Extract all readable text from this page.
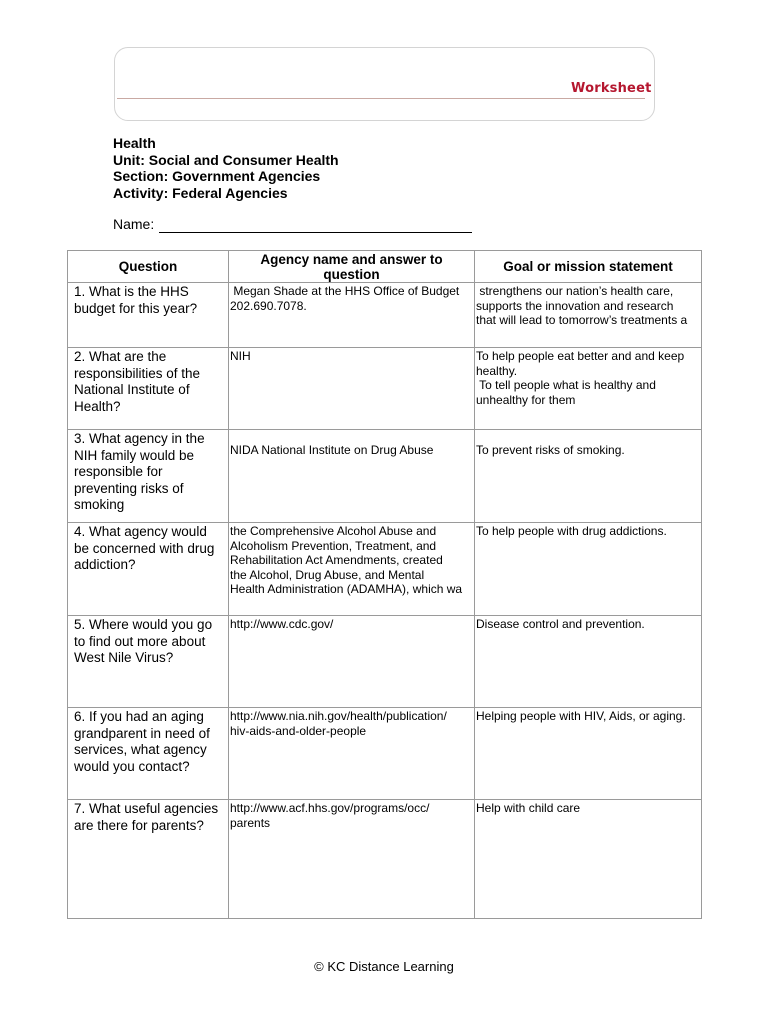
Worksheet
Health
Unit: Social and Consumer Health
Section: Government Agencies
Activity: Federal Agencies
Name:
Question	Agency name and answer to question	Goal or mission statement
1. What is the HHS budget for this year?	Megan Shade at the HHS Office of Budget
202.690.7078.	strengthens our nation’s health care,
supports the innovation and research
that will lead to tomorrow’s treatments a
2. What are the responsibilities of the National Institute of Health?	NIH	To help people eat better and and keep
healthy.
To tell people what is healthy and
unhealthy for them
3. What agency in the NIH family would be responsible for preventing risks of smoking	NIDA National Institute on Drug Abuse	To prevent risks of smoking.
4. What agency would be concerned with drug addiction?	the Comprehensive Alcohol Abuse and
Alcoholism Prevention, Treatment, and
Rehabilitation Act Amendments, created
the Alcohol, Drug Abuse, and Mental
Health Administration (ADAMHA), which wa	To help people with drug addictions.
5. Where would you go to find out more about West Nile Virus?	http://www.cdc.gov/	Disease control and prevention.
6. If you had an aging grandparent in need of services, what agency would you contact?	http://www.nia.nih.gov/health/publication/
hiv-aids-and-older-people	Helping people with HIV, Aids, or aging.
7. What useful agencies are there for parents?	http://www.acf.hhs.gov/programs/occ/
parents	Help with child care
© KC Distance Learning
